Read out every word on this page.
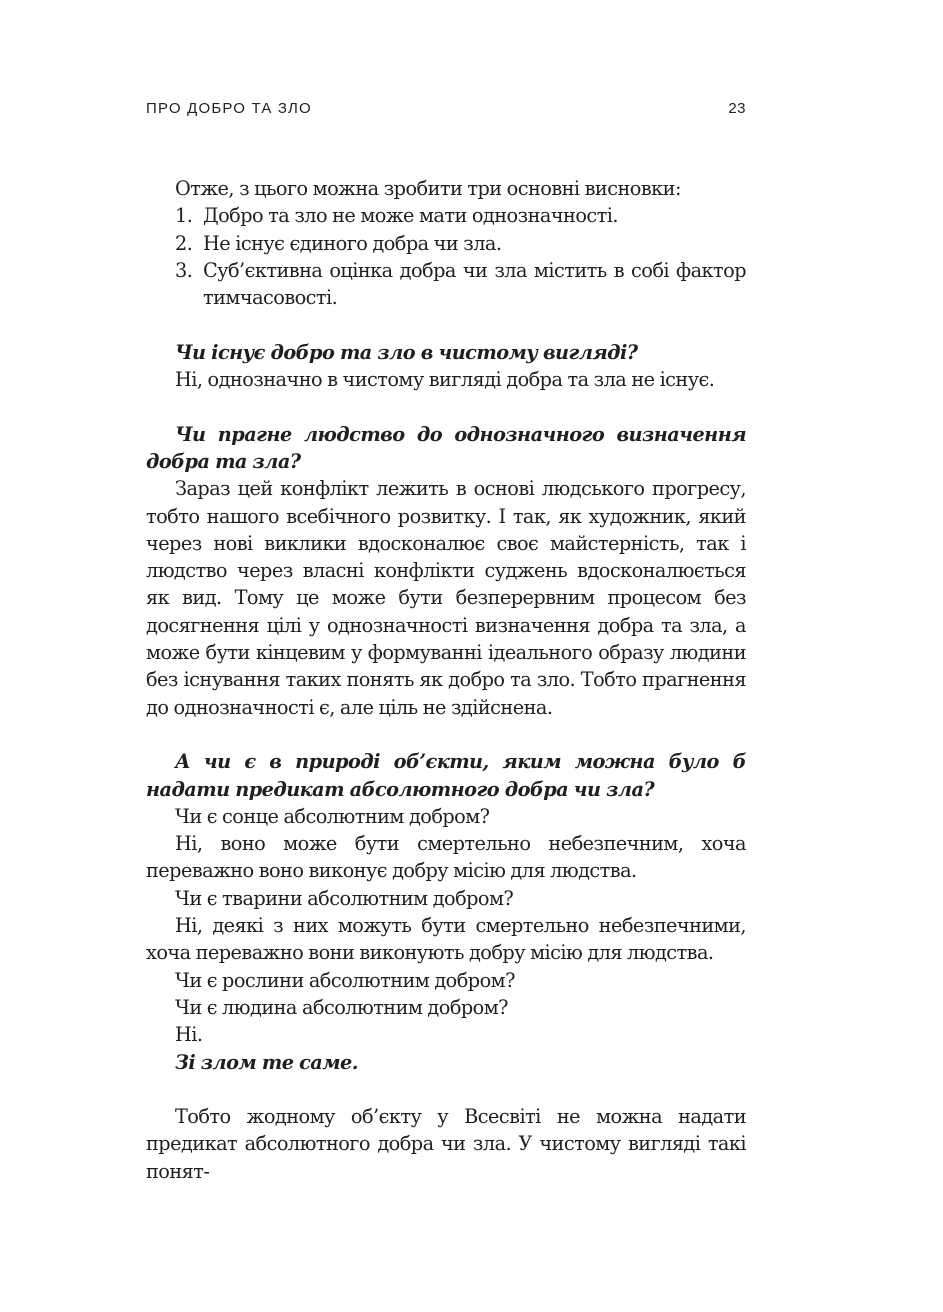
ПРО ДОБРО ТА ЗЛО	23

Отже, з цього можна зробити три основні висновки:

1. Добро та зло не може мати однозначності.
2. Не існує єдиного добра чи зла.
3. Суб’єктивна оцінка добра чи зла містить в собі фактор тимчасовості.

Чи існує добро та зло в чистому вигляді?

Ні, однозначно в чистому вигляді добра та зла не існує.

Чи прагне людство до однозначного визначення добра та зла?

Зараз цей конфлікт лежить в основі людського прогресу, тобто нашого всебічного розвитку. І так, як художник, який через нові виклики вдосконалює своє майстерність, так і людство через власні конфлікти суджень вдосконалюється як вид. Тому це може бути безперервним процесом без досягнення цілі у однозначності визначення добра та зла, а може бути кінцевим у формуванні ідеального образу людини без існування таких понять як добро та зло. Тобто прагнення до однозначності є, але ціль не здійснена.

А чи є в природі об’єкти, яким можна було б надати предикат абсолютного добра чи зла?

Чи є сонце абсолютним добром?

Ні, воно може бути смертельно небезпечним, хоча переважно воно виконує добру місію для людства.

Чи є тварини абсолютним добром?

Ні, деякі з них можуть бути смертельно небезпечними, хоча переважно вони виконують добру місію для людства.

Чи є рослини абсолютним добром?

Чи є людина абсолютним добром?

Ні.

Зі злом те саме.

Тобто жодному об’єкту у Всесвіті не можна надати предикат абсолютного добра чи зла. У чистому вигляді такі понят-
